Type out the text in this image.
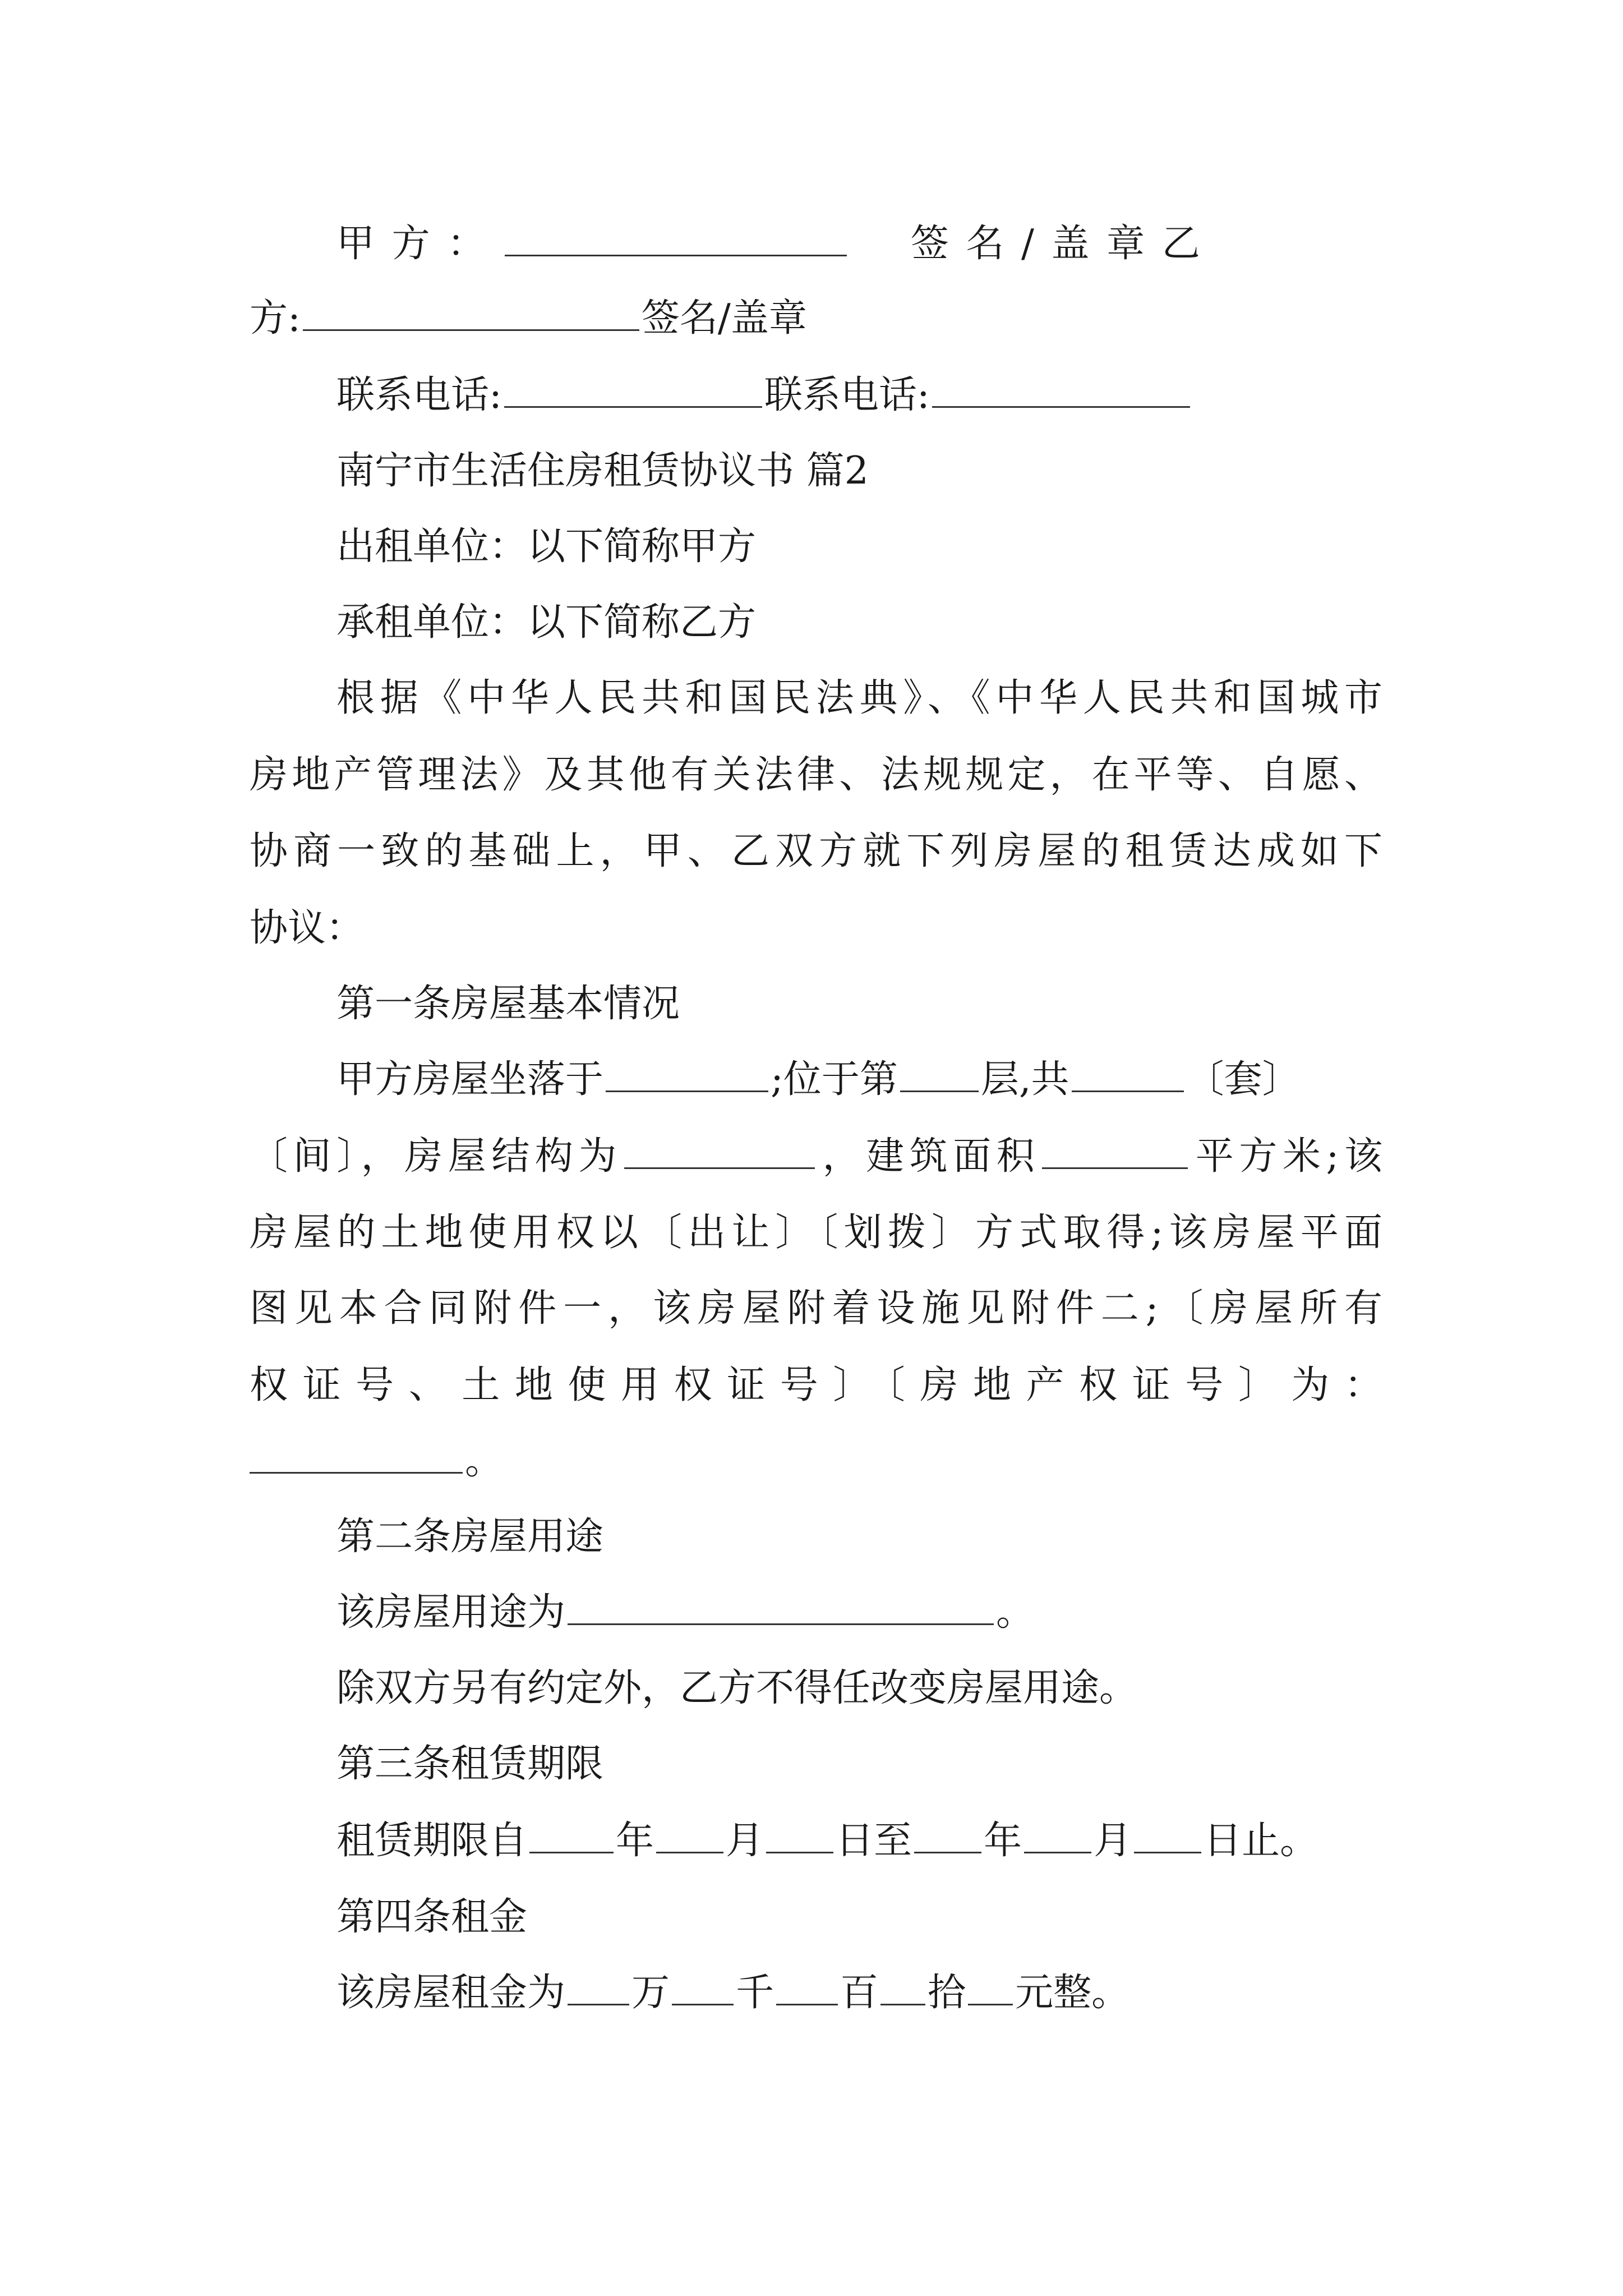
甲方：	签名/盖章乙
方:	签名/盖章
联系电话:	联系电话:
南宁市生活住房租赁协议书 篇2
出租单位：以下简称甲方
承租单位：以下简称乙方
根据《中华人民共和国民法典》、《中华人民共和国城市
房地产管理法》及其他有关法律、法规规定，在平等、自愿、
协商一致的基础上，甲、乙双方就下列房屋的租赁达成如下
协议：
第一条房屋基本情况
甲方房屋坐落于	;位于第 层,共	〔套〕
〔间〕，房屋结构为	，建筑面积	平方米;该
房屋的土地使用权以〔出让〕〔划拨〕方式取得;该房屋平面
图见本合同附件一，该房屋附着设施见附件二;〔房屋所有
权证号、土地使用权证号〕〔房地产权证号〕为：
。
第二条房屋用途
该房屋用途为	。
除双方另有约定外，乙方不得任改变房屋用途。
第三条租赁期限
租赁期限自 年 月 日至 年 月 日止。
第四条租金
该房屋租金为 万 千 百 拾 元整。
